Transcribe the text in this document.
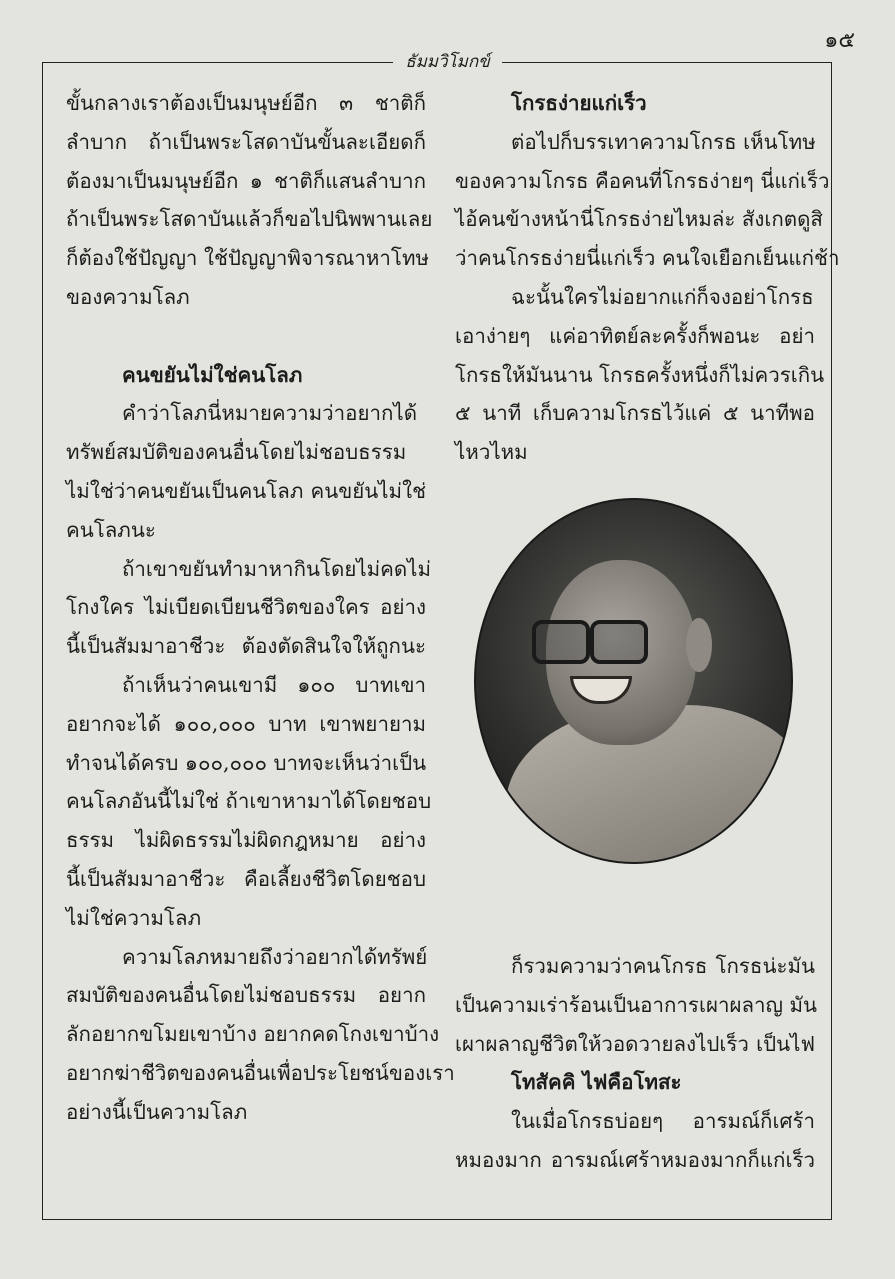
๑๕
ธัมมวิโมกข์

ขั้นกลางเราต้องเป็นมนุษย์อีก ๓ ชาติก็

ลำบาก ถ้าเป็นพระโสดาบันขั้นละเอียดก็

ต้องมาเป็นมนุษย์อีก ๑ ชาติก็แสนลำบาก

ถ้าเป็นพระโสดาบันแล้วก็ขอไปนิพพานเลย

ก็ต้องใช้ปัญญา ใช้ปัญญาพิจารณาหาโทษ

ของความโลภ

คนขยันไม่ใช่คนโลภ

คำว่าโลภนี่หมายความว่าอยากได้

ทรัพย์สมบัติของคนอื่นโดยไม่ชอบธรรม

ไม่ใช่ว่าคนขยันเป็นคนโลภ คนขยันไม่ใช่

คนโลภนะ

ถ้าเขาขยันทำมาหากินโดยไม่คดไม่

โกงใคร ไม่เบียดเบียนชีวิตของใคร อย่าง

นี้เป็นสัมมาอาชีวะ ต้องตัดสินใจให้ถูกนะ

ถ้าเห็นว่าคนเขามี ๑๐๐ บาทเขา

อยากจะได้ ๑๐๐,๐๐๐ บาท เขาพยายาม

ทำจนได้ครบ ๑๐๐,๐๐๐ บาทจะเห็นว่าเป็น

คนโลภอันนี้ไม่ใช่ ถ้าเขาหามาได้โดยชอบ

ธรรม ไม่ผิดธรรมไม่ผิดกฎหมาย อย่าง

นี้เป็นสัมมาอาชีวะ คือเลี้ยงชีวิตโดยชอบ

ไม่ใช่ความโลภ

ความโลภหมายถึงว่าอยากได้ทรัพย์

สมบัติของคนอื่นโดยไม่ชอบธรรม อยาก

ลักอยากขโมยเขาบ้าง อยากคดโกงเขาบ้าง

อยากฆ่าชีวิตของคนอื่นเพื่อประโยชน์ของเรา

อย่างนี้เป็นความโลภ

โกรธง่ายแก่เร็ว

ต่อไปก็บรรเทาความโกรธ เห็นโทษ

ของความโกรธ คือคนที่โกรธง่ายๆ นี่แก่เร็ว

ไอ้คนข้างหน้านี่โกรธง่ายไหมล่ะ สังเกตดูสิ

ว่าคนโกรธง่ายนี่แก่เร็ว คนใจเยือกเย็นแก่ช้า

ฉะนั้นใครไม่อยากแก่ก็จงอย่าโกรธ

เอาง่ายๆ แค่อาทิตย์ละครั้งก็พอนะ อย่า

โกรธให้มันนาน โกรธครั้งหนึ่งก็ไม่ควรเกิน

๕ นาที เก็บความโกรธไว้แค่ ๕ นาทีพอ

ไหวไหม

ก็รวมความว่าคนโกรธ โกรธน่ะมัน

เป็นความเร่าร้อนเป็นอาการเผาผลาญ มัน

เผาผลาญชีวิตให้วอดวายลงไปเร็ว เป็นไฟ

โทสัคคิ ไฟคือโทสะ

ในเมื่อโกรธบ่อยๆ อารมณ์ก็เศร้า

หมองมาก อารมณ์เศร้าหมองมากก็แก่เร็ว
